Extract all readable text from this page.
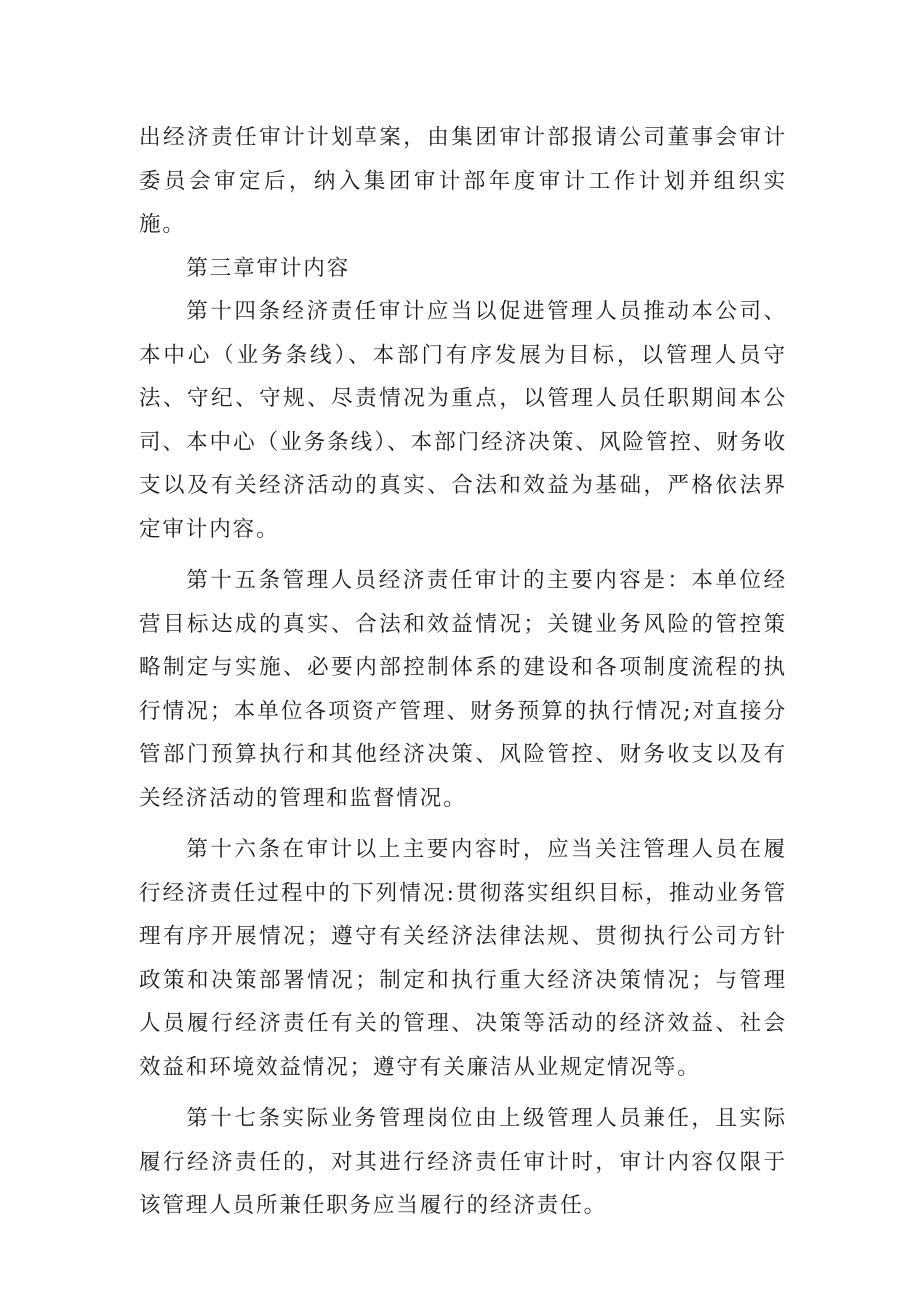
出经济责任审计计划草案，由集团审计部报请公司董事会审计委员会审定后，纳入集团审计部年度审计工作计划并组织实施。

第三章审计内容

第十四条经济责任审计应当以促进管理人员推动本公司、本中心（业务条线）、本部门有序发展为目标，以管理人员守法、守纪、守规、尽责情况为重点，以管理人员任职期间本公司、本中心（业务条线）、本部门经济决策、风险管控、财务收支以及有关经济活动的真实、合法和效益为基础，严格依法界定审计内容。

第十五条管理人员经济责任审计的主要内容是：本单位经营目标达成的真实、合法和效益情况；关键业务风险的管控策略制定与实施、必要内部控制体系的建设和各项制度流程的执行情况；本单位各项资产管理、财务预算的执行情况;对直接分管部门预算执行和其他经济决策、风险管控、财务收支以及有关经济活动的管理和监督情况。

第十六条在审计以上主要内容时，应当关注管理人员在履行经济责任过程中的下列情况:贯彻落实组织目标，推动业务管理有序开展情况；遵守有关经济法律法规、贯彻执行公司方针政策和决策部署情况；制定和执行重大经济决策情况；与管理人员履行经济责任有关的管理、决策等活动的经济效益、社会效益和环境效益情况；遵守有关廉洁从业规定情况等。

第十七条实际业务管理岗位由上级管理人员兼任，且实际履行经济责任的，对其进行经济责任审计时，审计内容仅限于该管理人员所兼任职务应当履行的经济责任。
